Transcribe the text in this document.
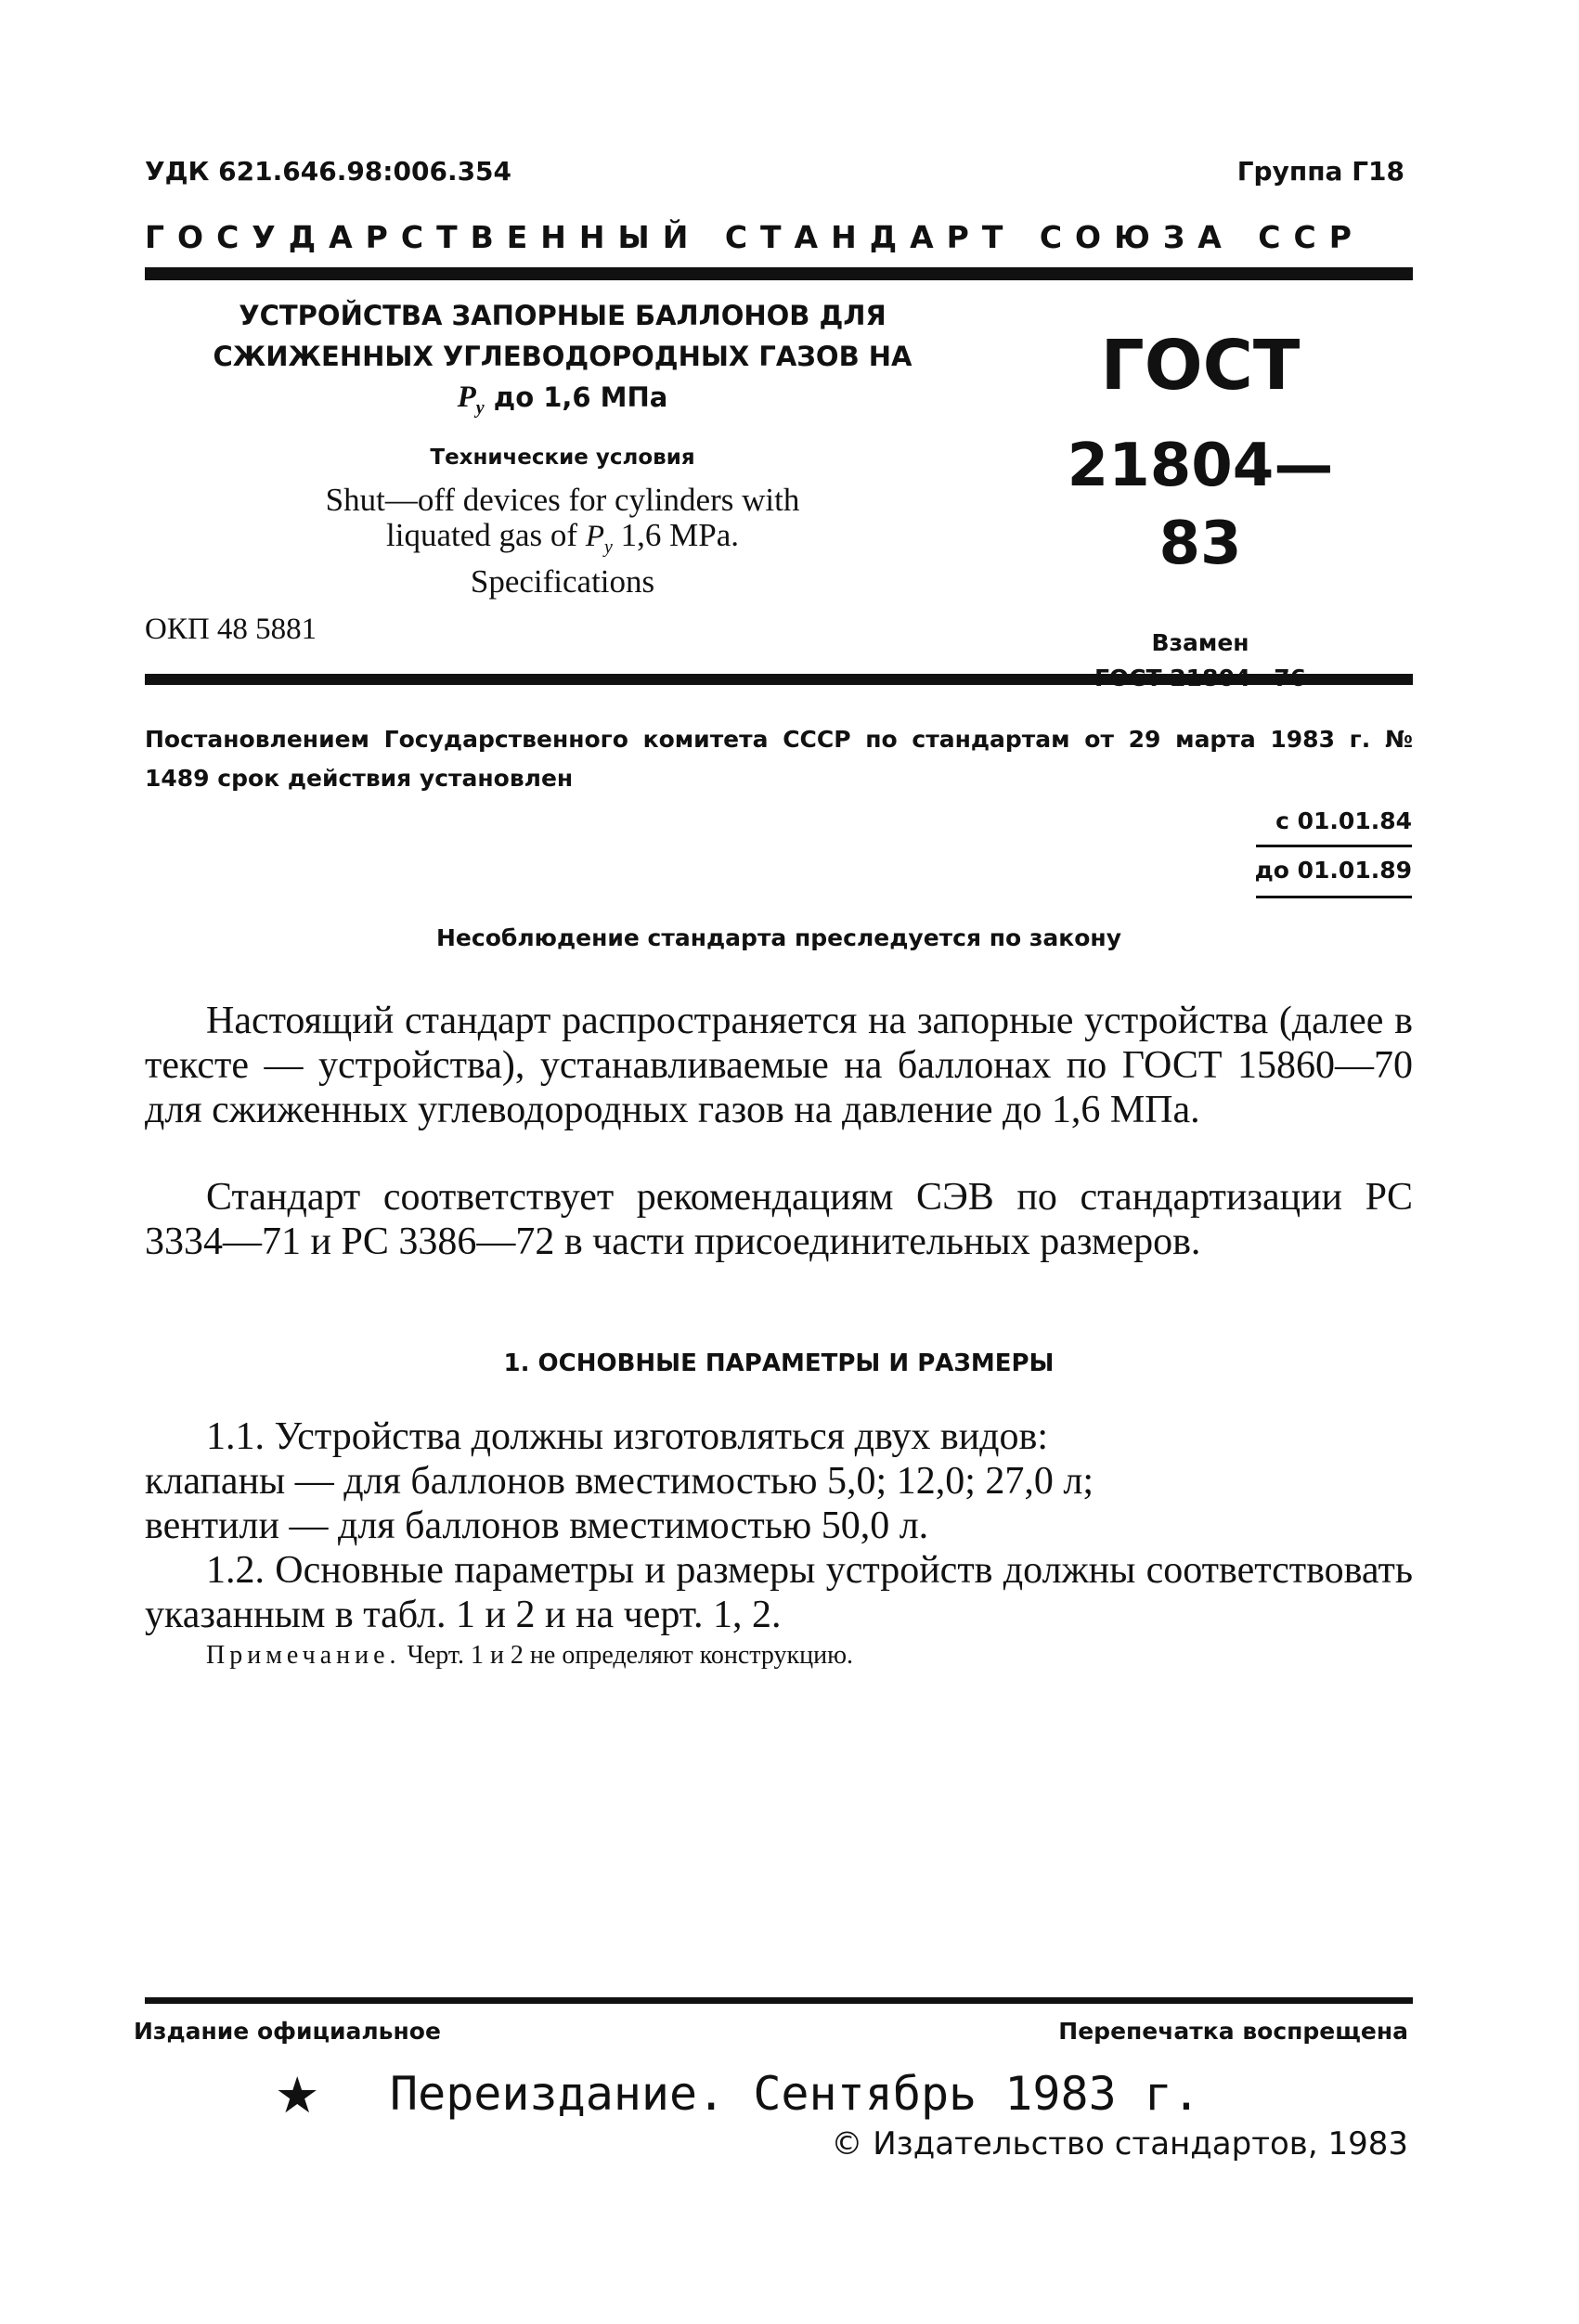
УДК 621.646.98:006.354	Группа Г18
ГОСУДАРСТВЕННЫЙ СТАНДАРТ СОЮЗА ССР
УСТРОЙСТВА ЗАПОРНЫЕ БАЛЛОНОВ ДЛЯ
СЖИЖЕННЫХ УГЛЕВОДОРОДНЫХ ГАЗОВ НА
$P_у$ до 1,6 МПа
Технические условия
Shut—off devices for cylinders with
liquated gas of $P_y$ 1,6 MPa.
Specifications
ОКП 48 5881
ГОСТ
21804—83
Взамен
Постановлением Государственного комитета СССР по стандартам от 29 марта 1983 г. № 1489 срок действия установлен
с 01.01.84
до 01.01.89
Несоблюдение стандарта преследуется по закону
Настоящий стандарт распространяется на запорные устройства (далее в тексте — устройства), устанавливаемые на баллонах по ГОСТ 15860—70 для сжиженных углеводородных газов на давление до 1,6 МПа.
Стандарт соответствует рекомендациям СЭВ по стандартизации PC 3334—71 и PC 3386—72 в части присоединительных размеров.
1. ОСНОВНЫЕ ПАРАМЕТРЫ И РАЗМЕРЫ
1.1. Устройства должны изготовляться двух видов:
клапаны — для баллонов вместимостью 5,0; 12,0; 27,0 л;
вентили — для баллонов вместимостью 50,0 л.
1.2. Основные параметры и размеры устройств должны соответствовать указанным в табл. 1 и 2 и на черт. 1, 2.
Примечание. Черт. 1 и 2 не определяют конструкцию.
Издание официальное	Перепечатка воспрещена
★ Переиздание. Сентябрь 1983 г.
© Издательство стандартов, 1983
